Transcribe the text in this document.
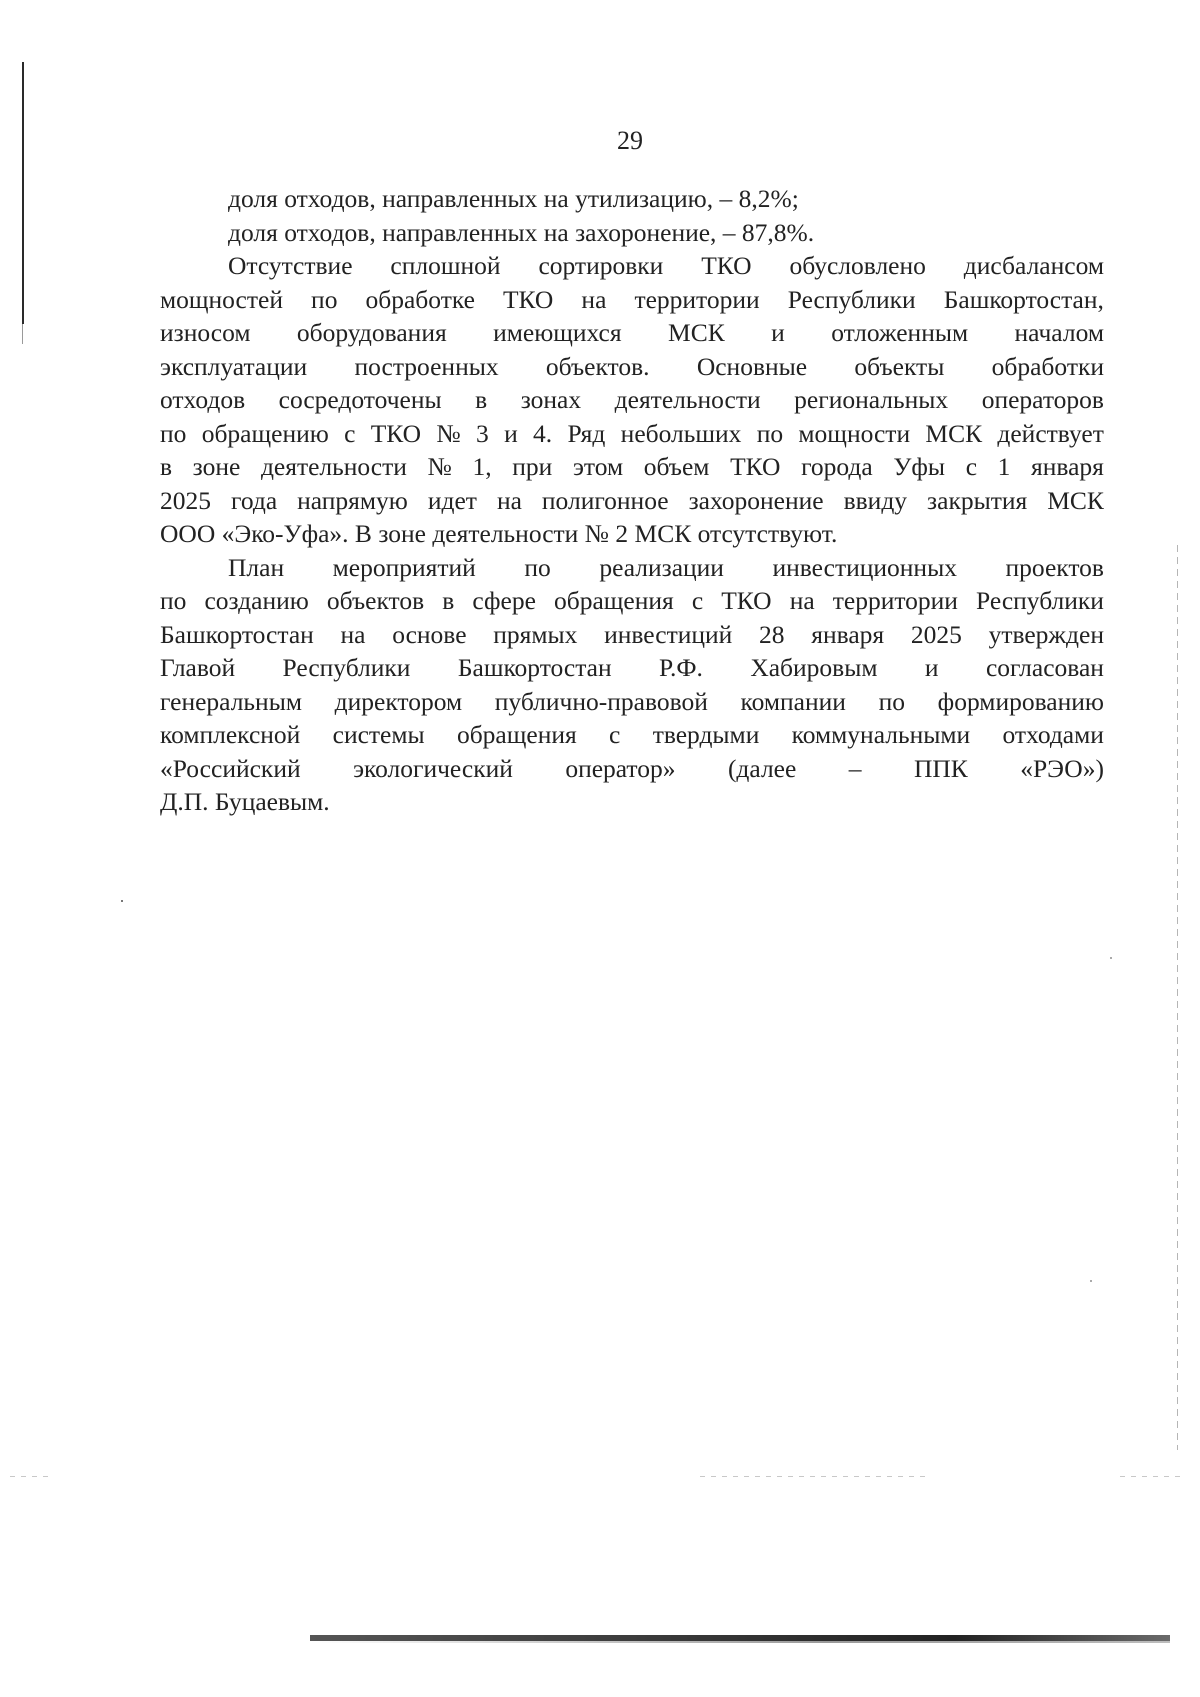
29
доля отходов, направленных на утилизацию, – 8,2%;
доля отходов, направленных на захоронение, – 87,8%.
Отсутствие сплошной сортировки ТКО обусловлено дисбалансом
мощностей по обработке ТКО на территории Республики Башкортостан,
износом оборудования имеющихся МСК и отложенным началом
эксплуатации построенных объектов. Основные объекты обработки
отходов сосредоточены в зонах деятельности региональных операторов
по обращению с ТКО № 3 и 4. Ряд небольших по мощности МСК действует
в зоне деятельности № 1, при этом объем ТКО города Уфы с 1 января
2025 года напрямую идет на полигонное захоронение ввиду закрытия МСК
ООО «Эко-Уфа». В зоне деятельности № 2 МСК отсутствуют.
План мероприятий по реализации инвестиционных проектов
по созданию объектов в сфере обращения с ТКО на территории Республики
Башкортостан на основе прямых инвестиций 28 января 2025 утвержден
Главой Республики Башкортостан Р.Ф. Хабировым и согласован
генеральным директором публично-правовой компании по формированию
комплексной системы обращения с твердыми коммунальными отходами
«Российский экологический оператор» (далее – ППК «РЭО»)
Д.П. Буцаевым.
